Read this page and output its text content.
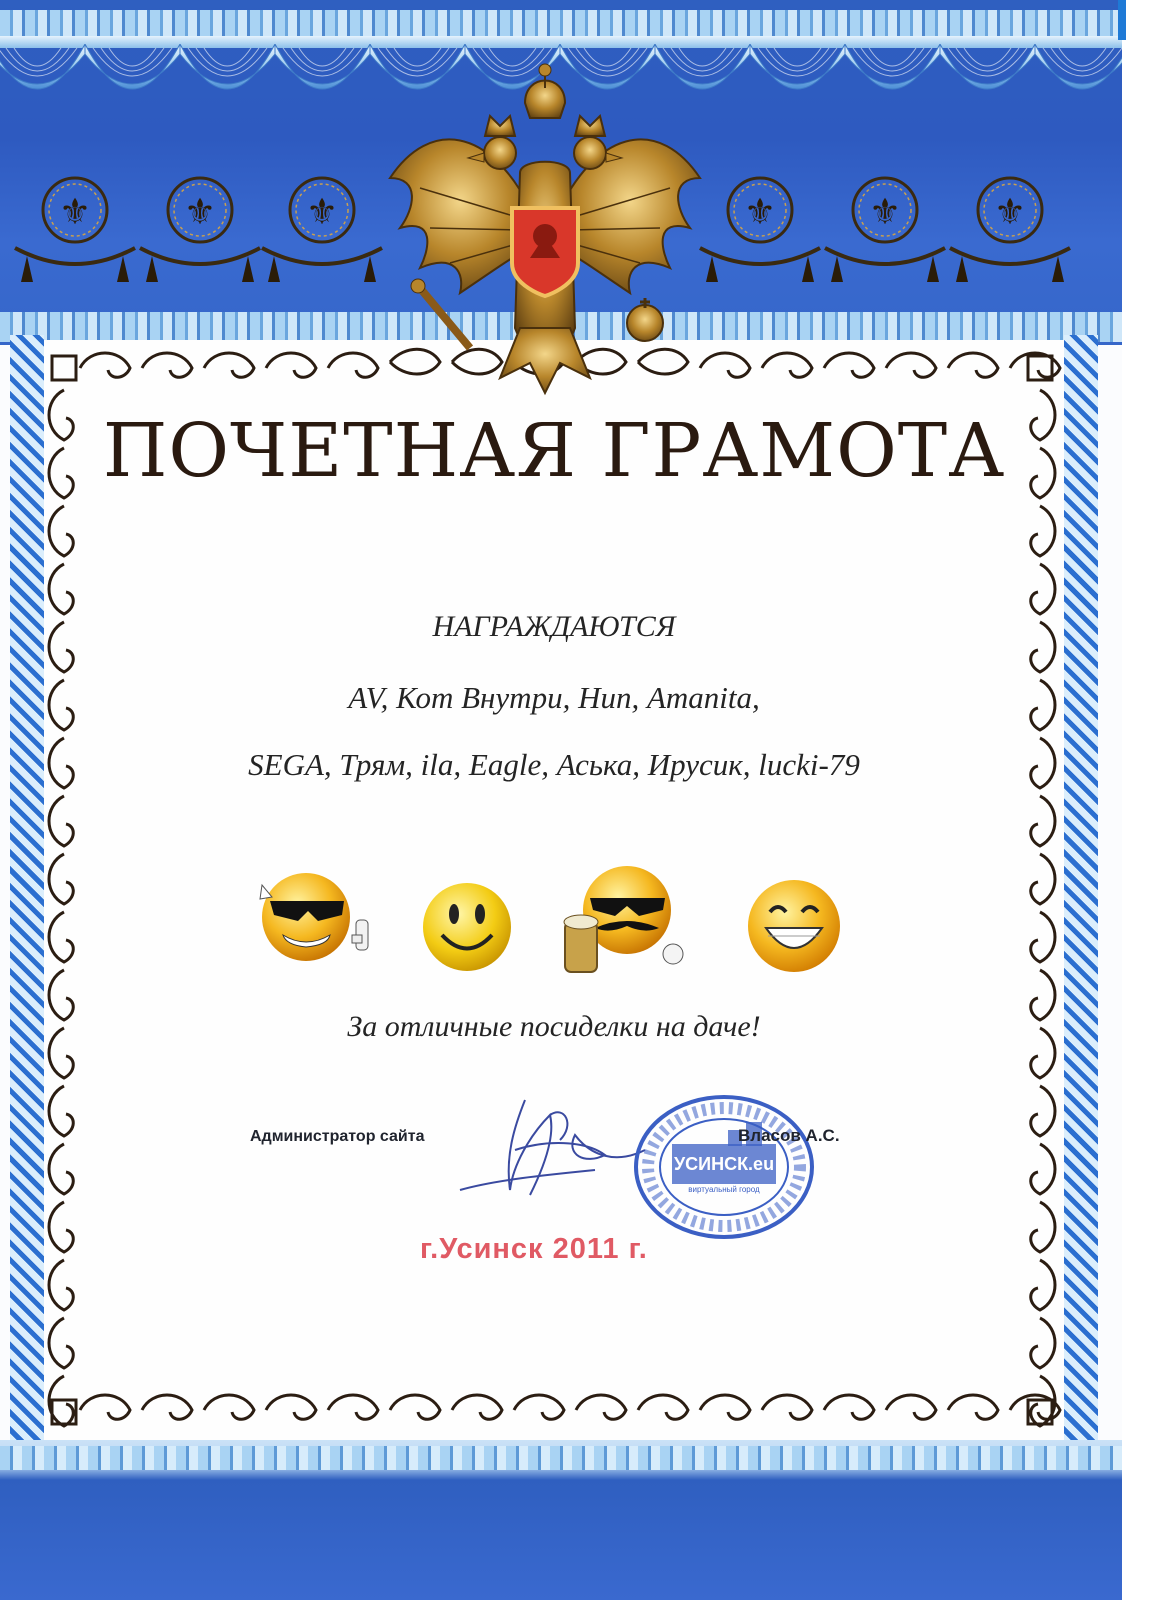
⚜	⚜ ⚜	⚜	⚜	⚜
ПОЧЕТНАЯ ГРАМОТА
НАГРАЖДАЮТСЯ
AV, Кот Внутри, Нип, Amanita,
SEGA, Трям, ila, Eagle, Аська, Ирусик, lucki-79
За отличные посиделки на даче!
Администратор сайта
УСИНСК.eu
виртуальный город
Власов А.С.
г.Усинск 2011 г.
